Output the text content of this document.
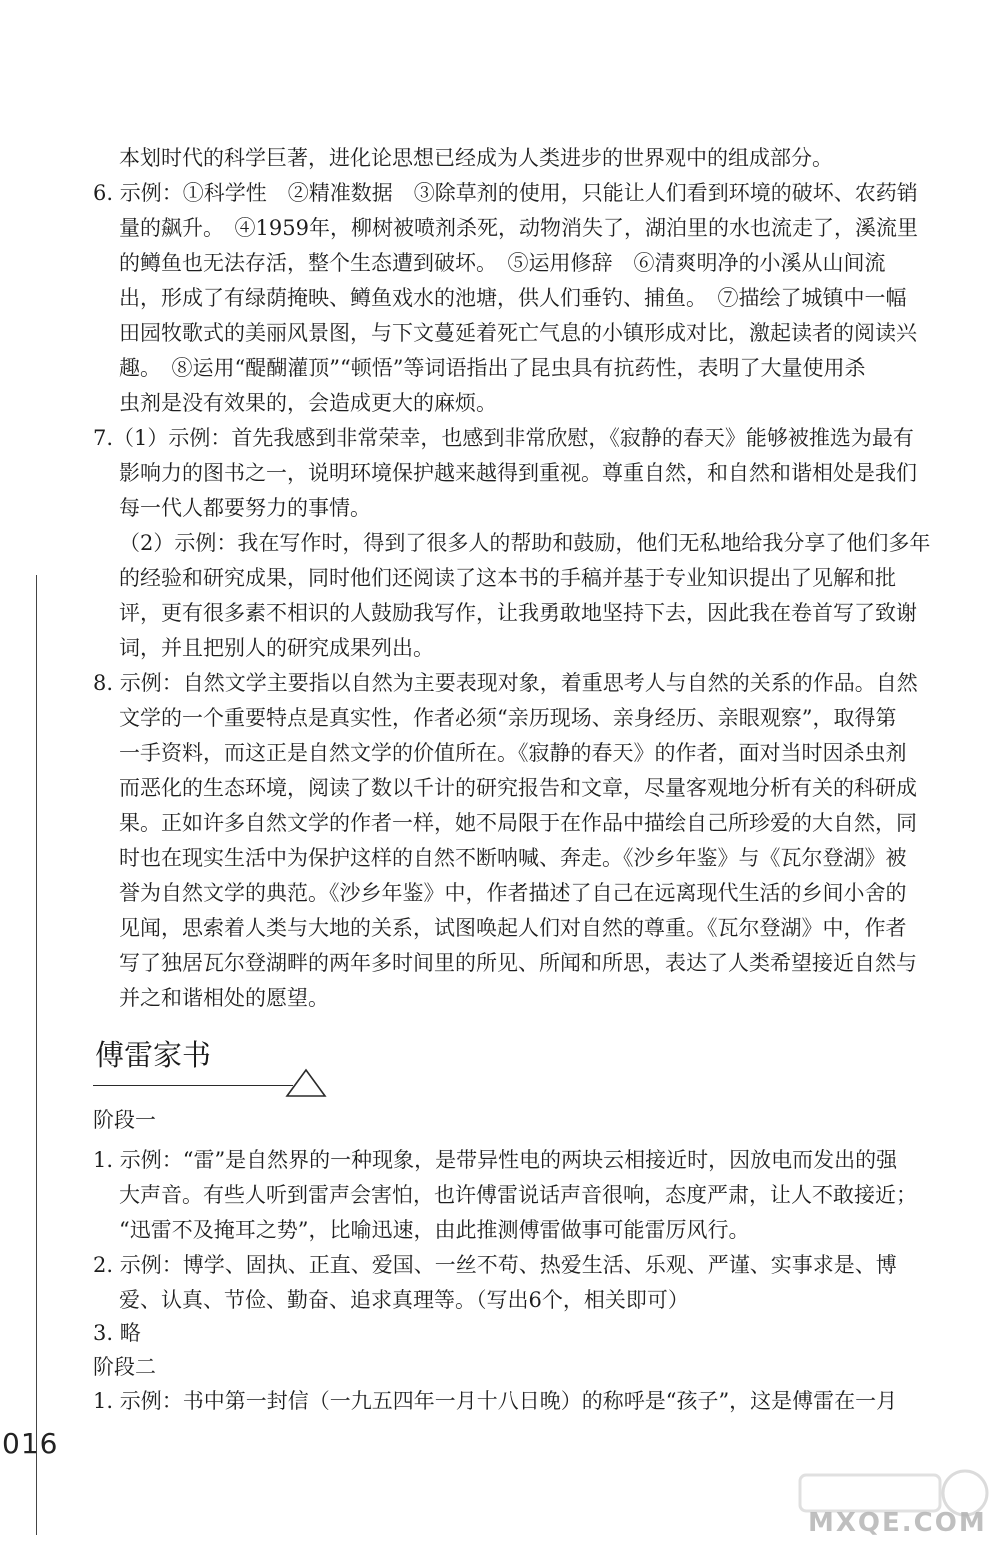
本划时代的科学巨著，进化论思想已经成为人类进步的世界观中的组成部分。
6. 示例：①科学性　②精准数据　③除草剂的使用，只能让人们看到环境的破坏、农药销
量的飙升。　④1959年，柳树被喷剂杀死，动物消失了，湖泊里的水也流走了，溪流里
的鳟鱼也无法存活，整个生态遭到破坏。　⑤运用修辞　⑥清爽明净的小溪从山间流
出，形成了有绿荫掩映、鳟鱼戏水的池塘，供人们垂钓、捕鱼。　⑦描绘了城镇中一幅
田园牧歌式的美丽风景图，与下文蔓延着死亡气息的小镇形成对比，激起读者的阅读兴
趣。　⑧运用“醍醐灌顶”“顿悟”等词语指出了昆虫具有抗药性，表明了大量使用杀
虫剂是没有效果的，会造成更大的麻烦。
7.（1）示例：首先我感到非常荣幸，也感到非常欣慰，《寂静的春天》能够被推选为最有
影响力的图书之一，说明环境保护越来越得到重视。尊重自然，和自然和谐相处是我们
每一代人都要努力的事情。
（2）示例：我在写作时，得到了很多人的帮助和鼓励，他们无私地给我分享了他们多年
的经验和研究成果，同时他们还阅读了这本书的手稿并基于专业知识提出了见解和批
评，更有很多素不相识的人鼓励我写作，让我勇敢地坚持下去，因此我在卷首写了致谢
词，并且把别人的研究成果列出。
8. 示例：自然文学主要指以自然为主要表现对象，着重思考人与自然的关系的作品。自然
文学的一个重要特点是真实性，作者必须“亲历现场、亲身经历、亲眼观察”，取得第
一手资料，而这正是自然文学的价值所在。《寂静的春天》的作者，面对当时因杀虫剂
而恶化的生态环境，阅读了数以千计的研究报告和文章，尽量客观地分析有关的科研成
果。正如许多自然文学的作者一样，她不局限于在作品中描绘自己所珍爱的大自然，同
时也在现实生活中为保护这样的自然不断呐喊、奔走。《沙乡年鉴》与《瓦尔登湖》被
誉为自然文学的典范。《沙乡年鉴》中，作者描述了自己在远离现代生活的乡间小舍的
见闻，思索着人类与大地的关系，试图唤起人们对自然的尊重。《瓦尔登湖》中，作者
写了独居瓦尔登湖畔的两年多时间里的所见、所闻和所思，表达了人类希望接近自然与
并之和谐相处的愿望。
阶段一
1. 示例：“雷”是自然界的一种现象，是带异性电的两块云相接近时，因放电而发出的强
大声音。有些人听到雷声会害怕，也许傅雷说话声音很响，态度严肃，让人不敢接近；
“迅雷不及掩耳之势”，比喻迅速，由此推测傅雷做事可能雷厉风行。
2. 示例：博学、固执、正直、爱国、一丝不苟、热爱生活、乐观、严谨、实事求是、博
爱、认真、节俭、勤奋、追求真理等。（写出6个，相关即可）
3. 略
阶段二
1. 示例：书中第一封信（一九五四年一月十八日晚）的称呼是“孩子”，这是傅雷在一月
傅雷家书
016
MXQE.COM
